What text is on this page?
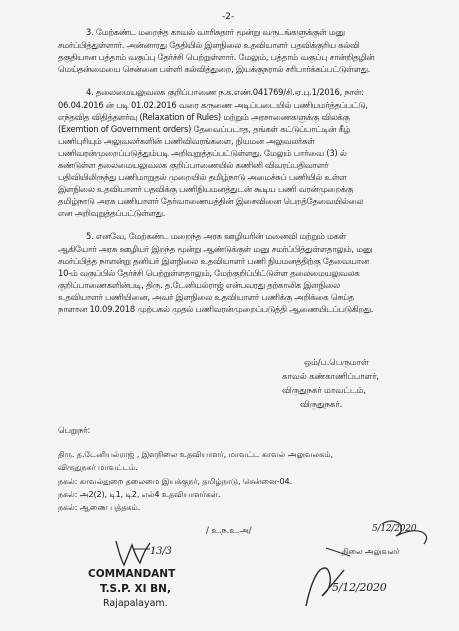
-2-
3. மேற்கண்ட மறைந்த காவல் வாரிசுதார் மூன்று வருடங்களுக்குள் மனு
சமர்ப்பித்துள்ளார். அன்னாரது தேதியில் இளநிலை உதவியாளர் பதவிக்குரிய கல்வி
தகுதியான பத்தாம் வகுப்பு தேர்ச்சி பெற்றுள்ளார். மேலும், பத்தாம் வகுப்பு சான்றிதழின்
மெய்தன்மையை சென்னை பள்ளி கல்வித்துறை, இயக்குநரால் சரிபார்க்கப்பட்டுள்ளது.
4. தலைமையலுவலக குறிப்பாணை ந.க.எண்.041769/சி.ஏ.பு.1/2016, நாள்:
06.04.2016 ன் படி 01.02.2016 வரை கருணை அடிப்படையில் பணியமர்த்தப்பட்டு,
எந்தவித விதித்தளர்வு (Relaxation of Rules) மற்றும் அரசாணைகளுக்கு விலக்கு
(Exemtion of Government orders) தேவைப்படாத, தங்கள் கட்டுப்பாட்டின் கீழ்
பணிபுரியும் அலுவலர்களின் பணிவிவரங்களை, நியமன அலுவலர்கள்
பணிவரன்முறைப்படுத்தும்படி அறிவுறுத்தப்பட்டுள்ளது. மேலும் பார்வை (3) ல்
கண்டுள்ள தலைமையலுவலக குறிப்பாணையில் கணினி விவரப்பதிவாளர்
பதிவியிலிருந்து பணிமாறுதல் முறையில் தமிழ்நாடு அமைச்சுப் பணியில் உள்ள
இளநிலை உதவியாளர் பதவிக்கு பணிநியமனத்துடன் கூடிய பணி வரன்முறைக்கு
தமிழ்நாடு அரசு பணியாளர் தேர்வாணையத்தின் இசைவினை பெறத்தேவையில்லை
என அறிவுறுத்தப்பட்டுள்ளது.
5. எனவே, மேற்கண்ட மறைந்த அரசு ஊழியரின் மனைவி மற்றும் மகள்
ஆகியோர் அரசு ஊழியர் இறந்த மூன்று ஆண்டுக்குள் மனு சமர்ப்பித்துள்ளதாலும், மனு
சமர்ப்பித்த நாளன்று தனியர் இளநிலை உதவியாளர் பணி நியமனத்திற்கு தேவையான
10-ம் வகுப்பில் தேர்ச்சி பெற்றுள்ளதாலும், மேற்குறிப்பிட்டுள்ள தலைமையலுவலக
குறிப்பாணைகளின்படி, திரு. த.டேனியல்ராஜ் என்பவரது தற்காலிக இளநிலை
உதவியாளர் பணியினை, அவர் இளநிலை உதவியாளர் பணிக்கு அறிக்கை செய்த
நாளான 10.09.2018 முற்பகல் முதல் பணிவரன்முறைப்படுத்தி ஆணையிடப்படுகிறது.
ஒம்/ப.பெருமாள்
காவல் கண்காணிப்பாளர்,
விருதுநகர் மாவட்டம்,
விருதுநகர்.
பெறுநர்:
திரு. த.டேனியல்ராஜ் , இளநிலை உதவியாளர், மாவட்ட காவல் அலுவலகம்,
விருதுநகர் மாவட்டம்.
நகல்: காவல்துறை தலைமை இயக்குநர், தமிழ்நாடு, சென்னை-04.
நகல்: அ2(2), டி1, டி2, எல்4 உதவியாளர்கள்.
நகல்: ஆணை புத்தகம்.
/ உ.ந.உ.அ/
13/3
COMMANDANT
T.S.P. XI BN,
Rajapalayam.
5/12/2020
நிலை அலுவலர்
5/12/2020
